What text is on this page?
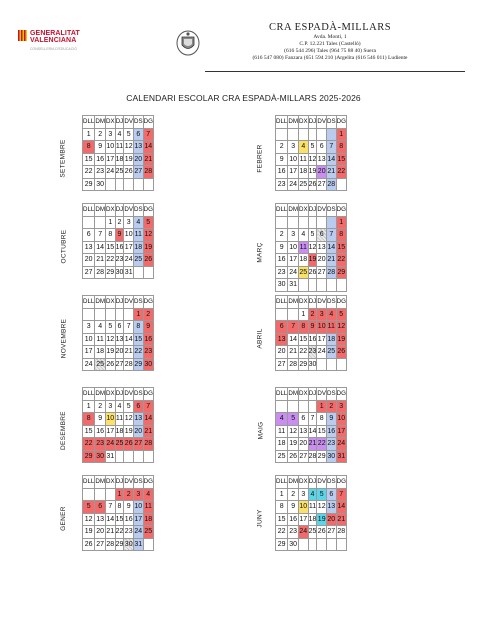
GENERALITAT
VALENCIANA
CONSELLERIA D'EDUCACIÓ
CRA ESPADÀ-MILLARS
Avda. Monti, 1
C.P. 12.221 Tales (Castelló)
(616 544 296) Tales (964 75 88 40) Suera
(616 547 080) Fanzara (651 594 210 )Argelita (616 546 011) Ludiente
CALENDARI ESCOLAR CRA ESPADÀ-MILLARS 2025-2026
SETEMBRE
DLL	DM	DX	DJ	DV	DS	DG
1	2	3	4	5	6	7
8	9	10	11	12	13	14
15	16	17	18	19	20	21
22	23	24	25	26	27	28
29	30					
FEBRER
DLL	DM	DX	DJ	DV	DS	DG
						1
2	3	4	5	6	7	8
9	10	11	12	13	14	15
16	17	18	19	20	21	22
23	24	25	26	27	28	
OCTUBRE
DLL	DM	DX	DJ	DV	DS	DG
		1	2	3	4	5
6	7	8	9	10	11	12
13	14	15	16	17	18	19
20	21	22	23	24	25	26
27	28	29	30	31		
MARÇ
DLL	DM	DX	DJ	DV	DS	DG
						1
2	3	4	5	6	7	8
9	10	11	12	13	14	15
16	17	18	19	20	21	22
23	24	25	26	27	28	29
30	31					
NOVEMBRE
DLL	DM	DX	DJ	DV	DS	DG
					1	2
3	4	5	6	7	8	9
10	11	12	13	14	15	16
17	18	19	20	21	22	23
24	25	26	27	28	29	30
ABRIL
DLL	DM	DX	DJ	DV	DS	DG
		1	2	3	4	5
6	7	8	9	10	11	12
13	14	15	16	17	18	19
20	21	22	23	24	25	26
27	28	29	30			
DESEMBRE
DLL	DM	DX	DJ	DV	DS	DG
1	2	3	4	5	6	7
8	9	10	11	12	13	14
15	16	17	18	19	20	21
22	23	24	25	26	27	28
29	30	31				
MAIG
DLL	DM	DX	DJ	DV	DS	DG
				1	2	3
4	5	6	7	8	9	10
11	12	13	14	15	16	17
18	19	20	21	22	23	24
25	26	27	28	29	30	31
GENER
DLL	DM	DX	DJ	DV	DS	DG
			1	2	3	4
5	6	7	8	9	10	11
12	13	14	15	16	17	18
19	20	21	22	23	24	25
26	27	28	29	30	31	
JUNY
DLL	DM	DX	DJ	DV	DS	DG
1	2	3	4	5	6	7
8	9	10	11	12	13	14
15	16	17	18	19	20	21
22	23	24	25	26	27	28
29	30					
